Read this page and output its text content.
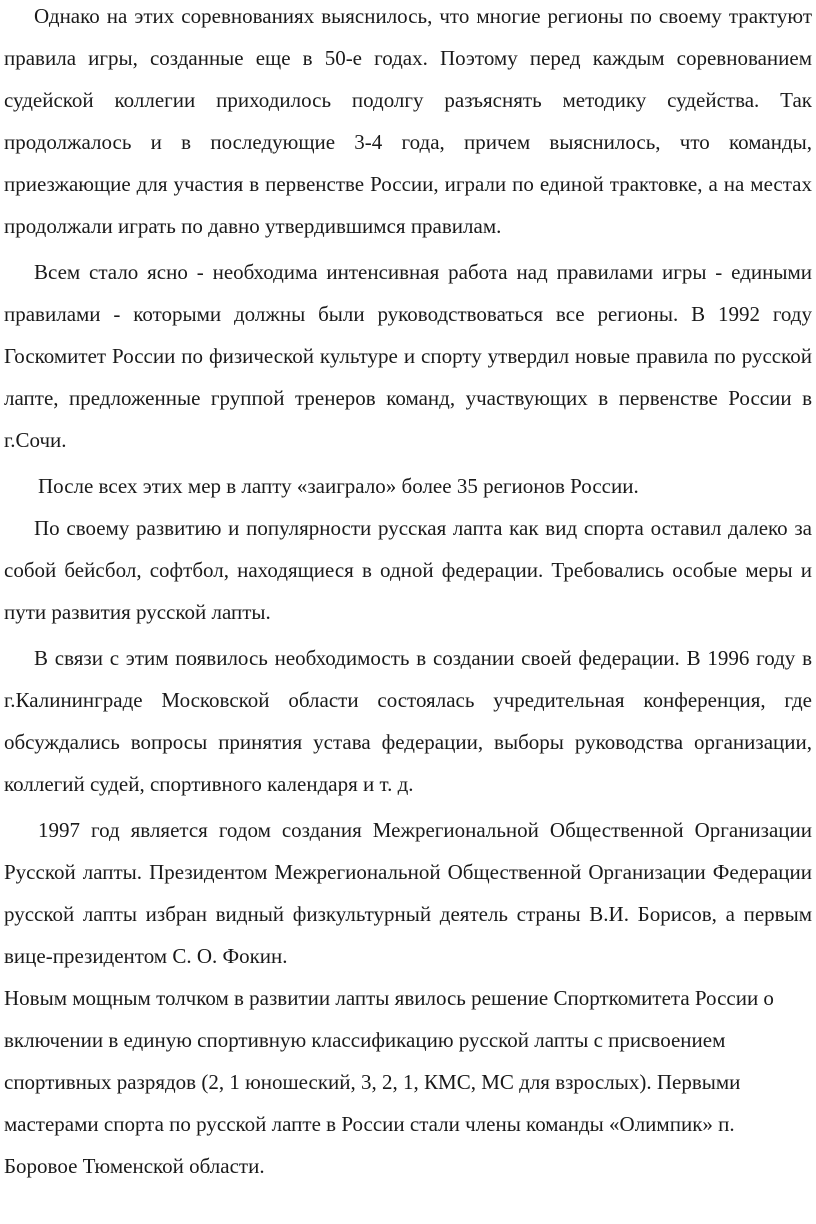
Однако на этих соревнованиях выяснилось, что многие регионы по своему трактуют правила игры, созданные еще в 50-е годах. Поэтому перед каждым соревнованием судейской коллегии приходилось подолгу разъяснять методику судейства. Так продолжалось и в последующие 3-4 года, причем выяснилось, что команды, приезжающие для участия в первенстве России, играли по единой трактовке, а на местах продолжали играть по давно утвердившимся правилам.

Всем стало ясно - необходима интенсивная работа над правилами игры - едиными правилами - которыми должны были руководствоваться все регионы. В 1992 году Госкомитет России по физической культуре и спорту утвердил новые правила по русской лапте, предложенные группой тренеров команд, участвующих в первенстве России в г.Сочи.

После всех этих мер в лапту «заиграло» более 35 регионов России.

По своему развитию и популярности русская лапта как вид спорта оставил далеко за собой бейсбол, софтбол, находящиеся в одной федерации. Требовались особые меры и пути развития русской лапты.

В связи с этим появилось необходимость в создании своей федерации. В 1996 году в г.Калининграде Московской области состоялась учредительная конференция, где обсуждались вопросы принятия устава федерации, выборы руководства организации, коллегий судей, спортивного календаря и т. д.

1997 год является годом создания Межрегиональной Общественной Организации Русской лапты. Президентом Межрегиональной Общественной Организации Федерации русской лапты избран видный физкультурный деятель страны В.И. Борисов, а первым вице-президентом С. О. Фокин.

Новым мощным толчком в развитии лапты явилось решение Спорткомитета России о включении в единую спортивную классификацию русской лапты с присвоением спортивных разрядов (2, 1 юношеский, 3, 2, 1, КМС, МС для взрослых). Первыми мастерами спорта по русской лапте в России стали члены команды «Олимпик» п. Боровое Тюменской области.
